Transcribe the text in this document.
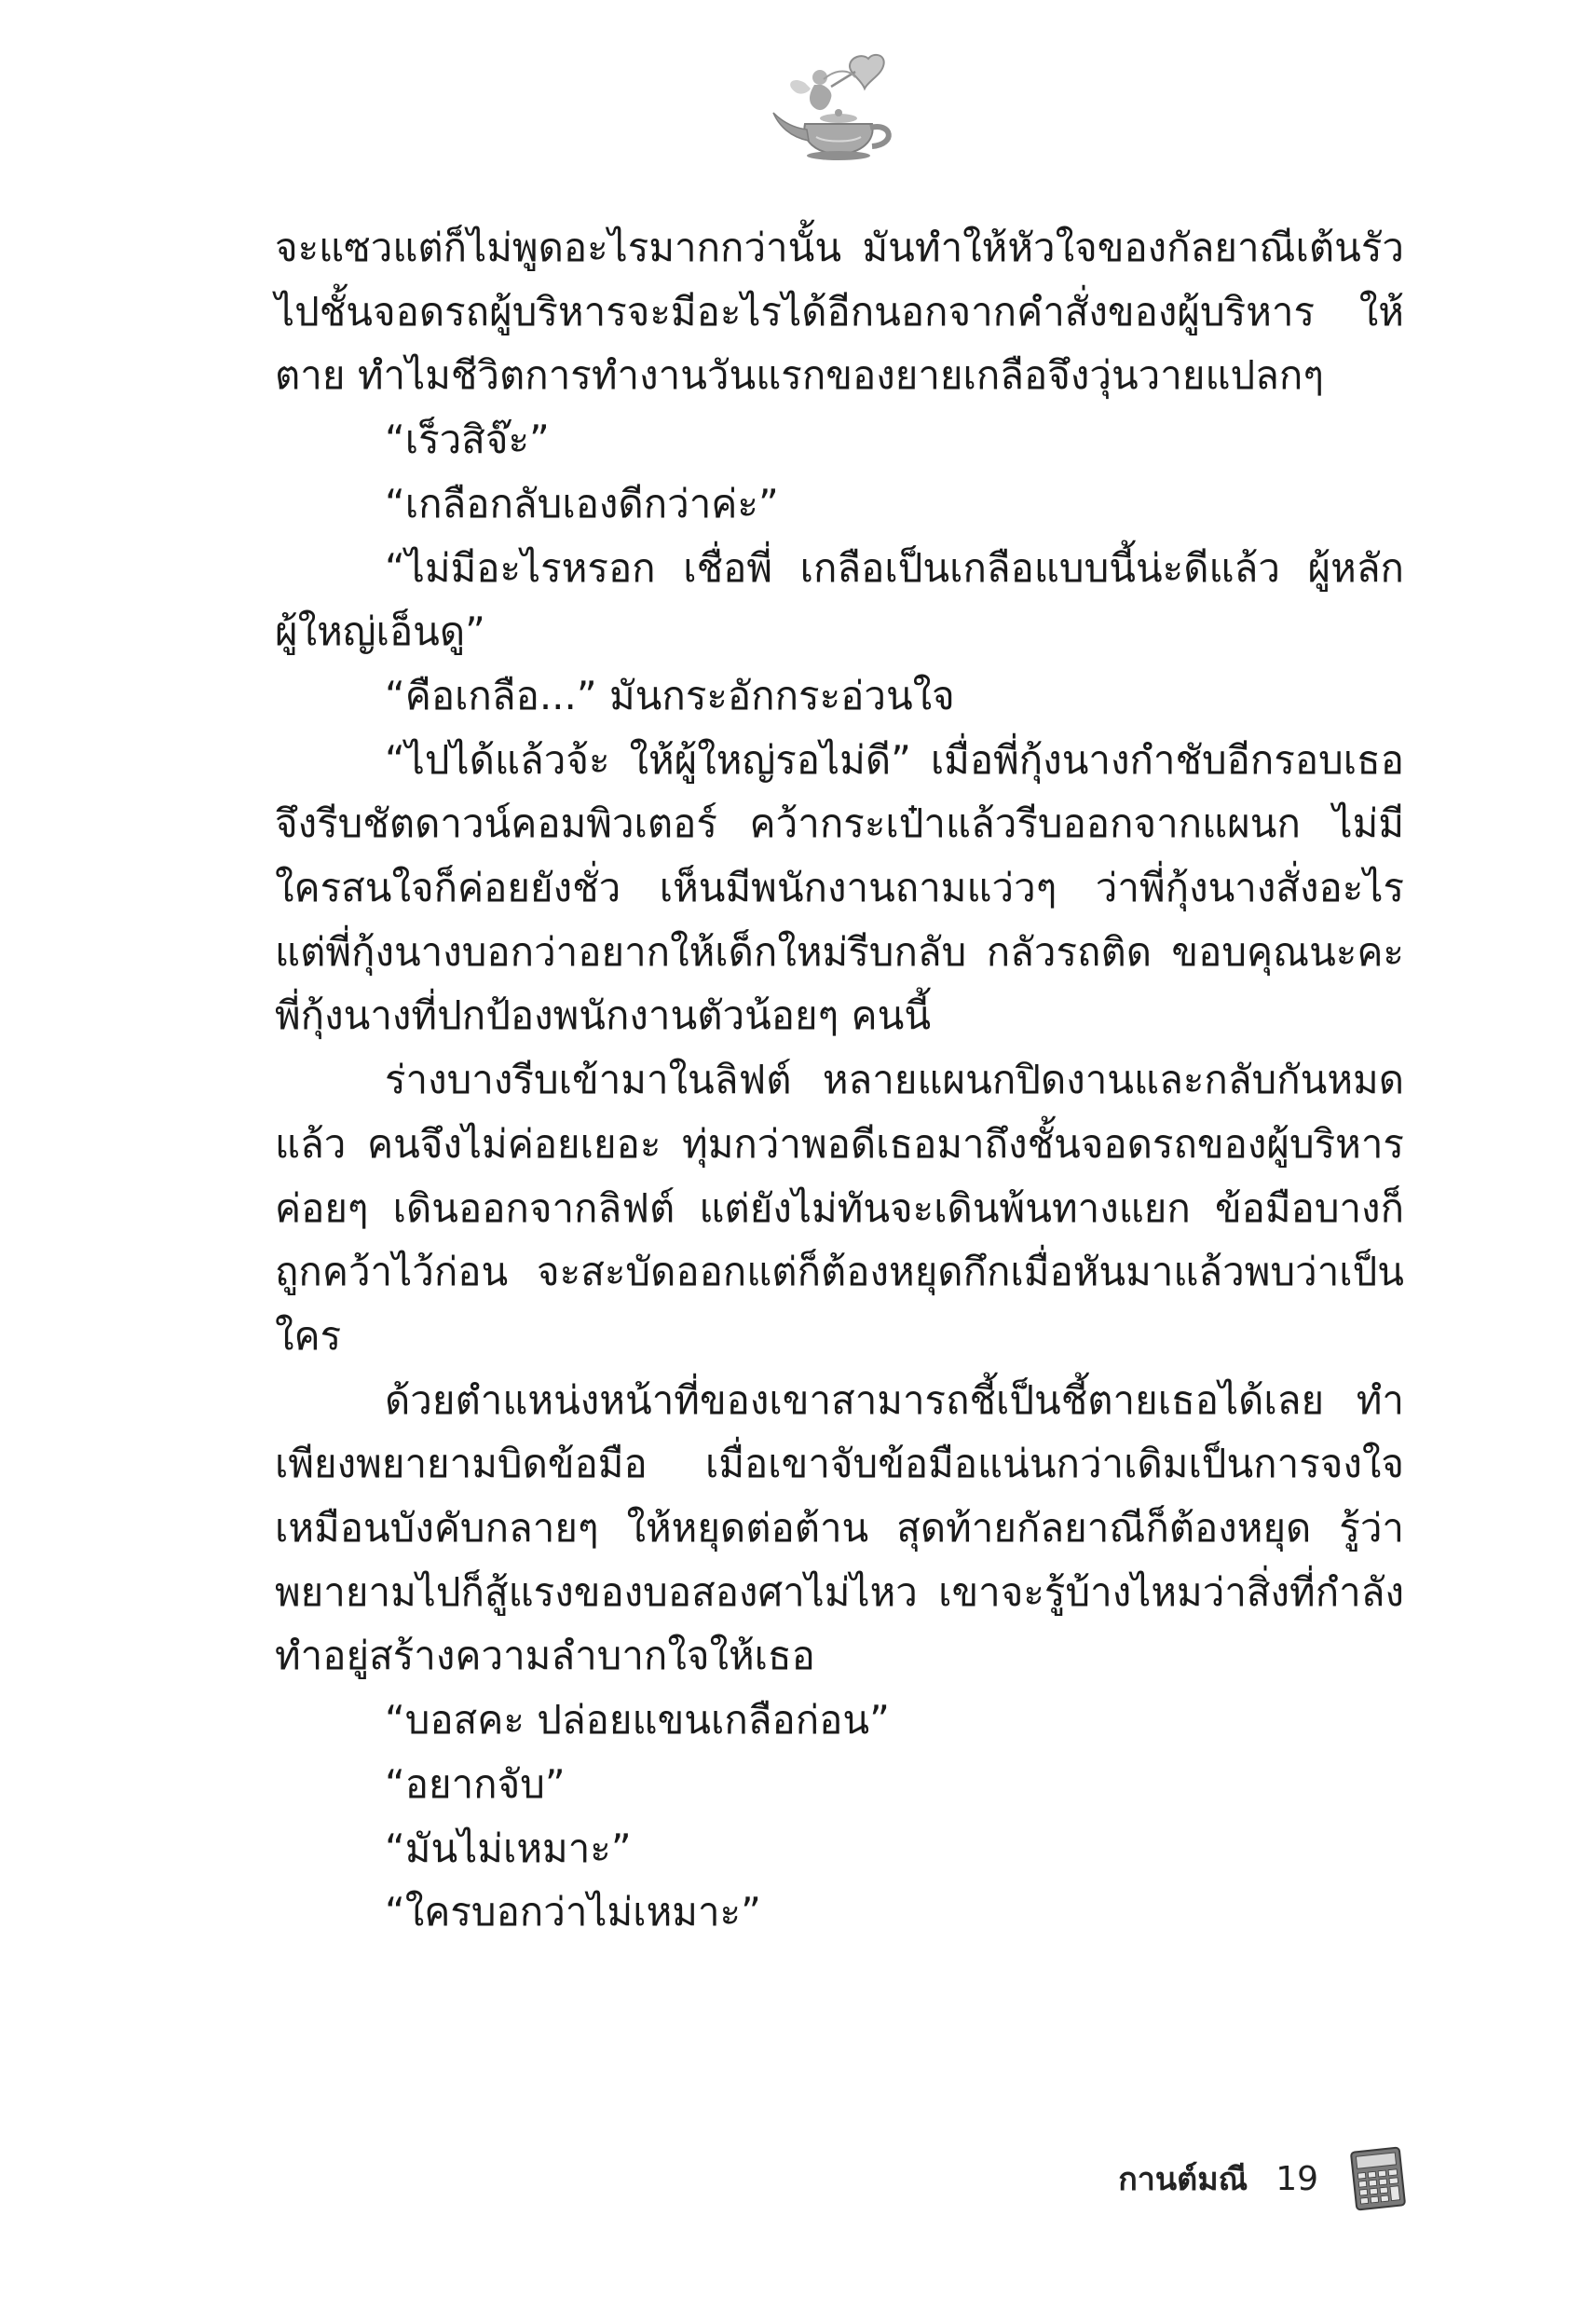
จะแซวแต่ก็ไม่พูดอะไรมากกว่านั้น มันทำให้หัวใจของกัลยาณีเต้นรัว ไปชั้นจอดรถผู้บริหารจะมีอะไรได้อีกนอกจากคำสั่งของผู้บริหาร ให้ตาย ทำไมชีวิตการทำงานวันแรกของยายเกลือจึงวุ่นวายแปลกๆ

“เร็วสิจ๊ะ”

“เกลือกลับเองดีกว่าค่ะ”

“ไม่มีอะไรหรอก เชื่อพี่ เกลือเป็นเกลือแบบนี้น่ะดีแล้ว ผู้หลักผู้ใหญ่เอ็นดู”

“คือเกลือ...” มันกระอักกระอ่วนใจ

“ไปได้แล้วจ้ะ ให้ผู้ใหญ่รอไม่ดี” เมื่อพี่กุ้งนางกำชับอีกรอบเธอจึงรีบชัตดาวน์คอมพิวเตอร์ คว้ากระเป๋าแล้วรีบออกจากแผนก ไม่มีใครสนใจก็ค่อยยังชั่ว เห็นมีพนักงานถามแว่วๆ ว่าพี่กุ้งนางสั่งอะไร แต่พี่กุ้งนางบอกว่าอยากให้เด็กใหม่รีบกลับ กลัวรถติด ขอบคุณนะคะพี่กุ้งนางที่ปกป้องพนักงานตัวน้อยๆ คนนี้

ร่างบางรีบเข้ามาในลิฟต์ หลายแผนกปิดงานและกลับกันหมดแล้ว คนจึงไม่ค่อยเยอะ ทุ่มกว่าพอดีเธอมาถึงชั้นจอดรถของผู้บริหาร ค่อยๆ เดินออกจากลิฟต์ แต่ยังไม่ทันจะเดินพ้นทางแยก ข้อมือบางก็ถูกคว้าไว้ก่อน จะสะบัดออกแต่ก็ต้องหยุดกึกเมื่อหันมาแล้วพบว่าเป็นใคร

ด้วยตำแหน่งหน้าที่ของเขาสามารถชี้เป็นชี้ตายเธอได้เลย ทำเพียงพยายามบิดข้อมือ เมื่อเขาจับข้อมือแน่นกว่าเดิมเป็นการจงใจเหมือนบังคับกลายๆ ให้หยุดต่อต้าน สุดท้ายกัลยาณีก็ต้องหยุด รู้ว่าพยายามไปก็สู้แรงของบอสองศาไม่ไหว เขาจะรู้บ้างไหมว่าสิ่งที่กำลังทำอยู่สร้างความลำบากใจให้เธอ

“บอสคะ ปล่อยแขนเกลือก่อน”

“อยากจับ”

“มันไม่เหมาะ”

“ใครบอกว่าไม่เหมาะ”

กานต์มณี 19
